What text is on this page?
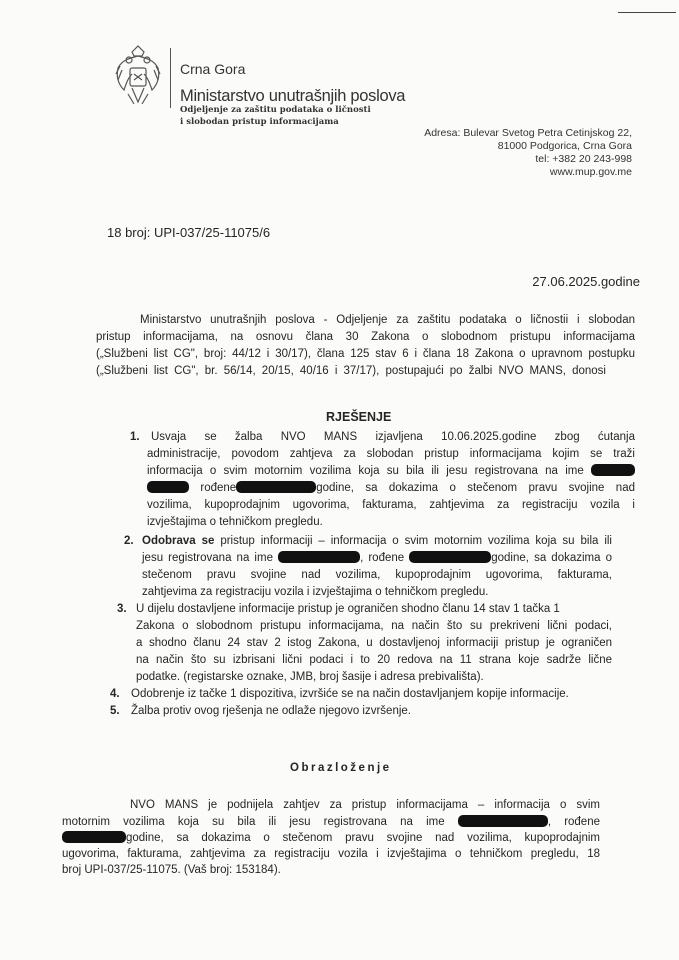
Crna Gora
Ministarstvo unutrašnjih poslova
Odjeljenje za zaštitu podataka o ličnosti
i slobodan pristup informacijama
Adresa: Bulevar Svetog Petra Cetinjskog 22,
81000 Podgorica, Crna Gora
tel: +382 20 243-998
www.mup.gov.me
18 broj: UPI-037/25-11075/6
27.06.2025.godine
Ministarstvo unutrašnjih poslova - Odjeljenje za zaštitu podataka o ličnostii i slobodan
pristup informacijama, na osnovu člana 30 Zakona o slobodnom pristupu informacijama
(„Službeni list CG", broj: 44/12 i 30/17), člana 125 stav 6 i člana 18 Zakona o upravnom postupku
(„Službeni list CG", br. 56/14, 20/15, 40/16 i 37/17), postupajući po žalbi NVO MANS, donosi
RJEŠENJE
1. Usvaja se žalba NVO MANS izjavljena 10.06.2025.godine zbog ćutanja
administracije, povodom zahtjeva za slobodan pristup informacijama kojim se traži
informacija o svim motornim vozilima koja su bila ili jesu registrovana na ime
rođene	godine, sa dokazima o stečenom pravu svojine nad
vozilima, kupoprodajnim ugovorima, fakturama, zahtjevima za registraciju vozila i
izvještajima o tehničkom pregledu.
2. Odobrava se pristup informaciji – informacija o svim motornim vozilima koja su bila ili
jesu registrovana na ime	, rođene	godine, sa dokazima o
stečenom pravu svojine nad vozilima, kupoprodajnim ugovorima, fakturama,
zahtjevima za registraciju vozila i izvještajima o tehničkom pregledu.
3. U dijelu dostavljene informacije pristup je ograničen shodno članu 14 stav 1 tačka 1
Zakona o slobodnom pristupu informacijama, na način što su prekriveni lični podaci,
a shodno članu 24 stav 2 istog Zakona, u dostavljenoj informaciji pristup je ograničen
na način što su izbrisani lični podaci i to 20 redova na 11 strana koje sadrže lične
podatke. (registarske oznake, JMB, broj šasije i adresa prebivališta).
4. Odobrenje iz tačke 1 dispozitiva, izvršiće se na način dostavljanjem kopije informacije.
5. Žalba protiv ovog rješenja ne odlaže njegovo izvršenje.
Obrazloženje
NVO MANS je podnijela zahtjev za pristup informacijama – informacija o svim
motornim vozilima koja su bila ili jesu registrovana na ime	, rođene
godine, sa dokazima o stečenom pravu svojine nad vozilima, kupoprodajnim
ugovorima, fakturama, zahtjevima za registraciju vozila i izvještajima o tehničkom pregledu, 18
broj UPI-037/25-11075. (Vaš broj: 153184).
